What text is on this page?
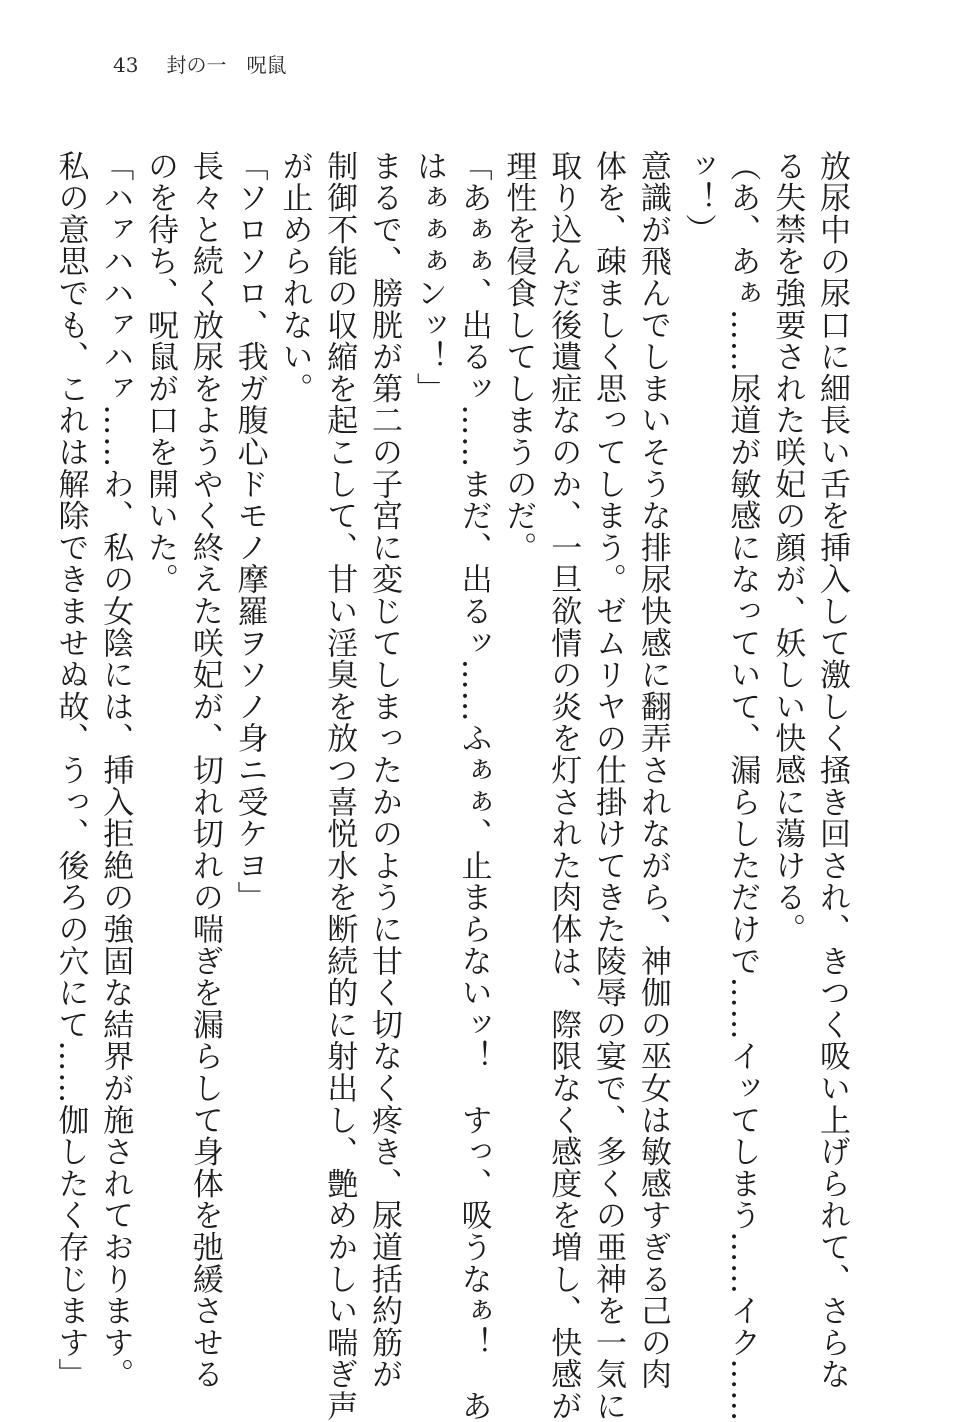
43 封の一　呪鼠

放尿中の尿口に細長い舌を挿入して激しく掻き回され、きつく吸い上げられて、さらな
る失禁を強要された咲妃の顔が、妖しい快感に蕩ける。

（あ、あぁ……尿道が敏感になっていて、漏らしただけで……イッてしまう……イク……
ッ！）

意識が飛んでしまいそうな排尿快感に翻弄されながら、神伽の巫女は敏感すぎる己の肉
体を、疎ましく思ってしまう。ゼムリヤの仕掛けてきた陵辱の宴で、多くの亜神を一気に
取り込んだ後遺症なのか、一旦欲情の炎を灯された肉体は、際限なく感度を増し、快感が
理性を侵食してしまうのだ。

「あぁぁ、出るッ……まだ、出るッ……ふぁぁ、止まらないッ！　すっ、吸うなぁ！　あ
はぁぁぁンッ！」

まるで、膀胱が第二の子宮に変じてしまったかのように甘く切なく疼き、尿道括約筋が
制御不能の収縮を起こして、甘い淫臭を放つ喜悦水を断続的に射出し、艶めかしい喘ぎ声
が止められない。

「ソロソロ、我ガ腹心ドモノ摩羅ヲソノ身ニ受ケヨ」

長々と続く放尿をようやく終えた咲妃が、切れ切れの喘ぎを漏らして身体を弛緩させる
のを待ち、呪鼠が口を開いた。

「ハァハハァハァ……わ、私の女陰には、挿入拒絶の強固な結界が施されております。
私の意思でも、これは解除できませぬ故、うっ、後ろの穴にて……伽したく存じます」
